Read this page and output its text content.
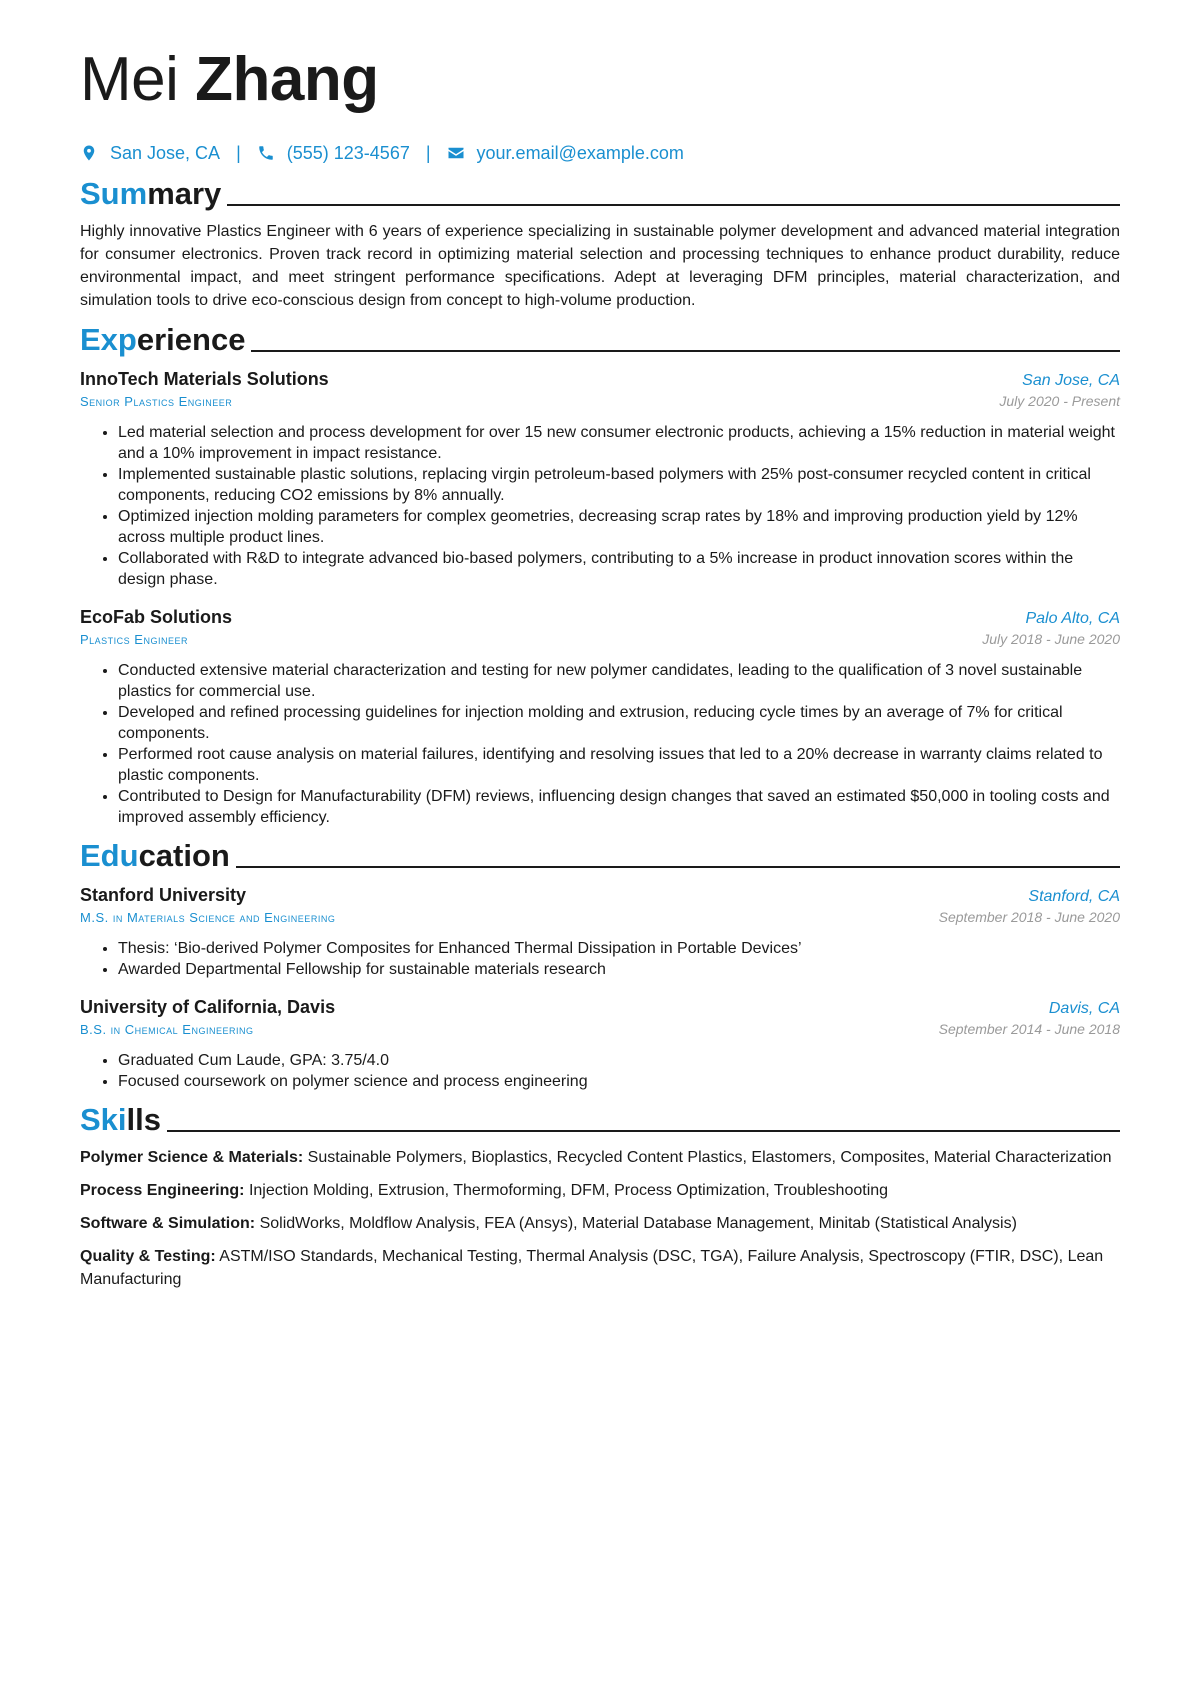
Mei Zhang
San Jose, CA |	(555) 123-4567 |	your.email@example.com
Summary
Highly innovative Plastics Engineer with 6 years of experience specializing in sustainable polymer development and advanced material integration for consumer electronics. Proven track record in optimizing material selection and processing techniques to enhance product durability, reduce environmental impact, and meet stringent performance specifications. Adept at leveraging DFM principles, material characterization, and simulation tools to drive eco-conscious design from concept to high-volume production.
Experience
InnoTech Materials Solutions	San Jose, CA
Senior Plastics Engineer	July 2020 - Present
• Led material selection and process development for over 15 new consumer electronic products, achieving a 15% reduction in material weight and a 10% improvement in impact resistance.
• Implemented sustainable plastic solutions, replacing virgin petroleum-based polymers with 25% post-consumer recycled content in critical components, reducing CO2 emissions by 8% annually.
• Optimized injection molding parameters for complex geometries, decreasing scrap rates by 18% and improving production yield by 12% across multiple product lines.
• Collaborated with R&D to integrate advanced bio-based polymers, contributing to a 5% increase in product innovation scores within the design phase.
EcoFab Solutions	Palo Alto, CA
Plastics Engineer	July 2018 - June 2020
• Conducted extensive material characterization and testing for new polymer candidates, leading to the qualification of 3 novel sustainable plastics for commercial use.
• Developed and refined processing guidelines for injection molding and extrusion, reducing cycle times by an average of 7% for critical components.
• Performed root cause analysis on material failures, identifying and resolving issues that led to a 20% decrease in warranty claims related to plastic components.
• Contributed to Design for Manufacturability (DFM) reviews, influencing design changes that saved an estimated $50,000 in tooling costs and improved assembly efficiency.
Education
Stanford University	Stanford, CA
M.S. in Materials Science and Engineering	September 2018 - June 2020
• Thesis: ‘Bio-derived Polymer Composites for Enhanced Thermal Dissipation in Portable Devices’
• Awarded Departmental Fellowship for sustainable materials research
University of California, Davis	Davis, CA
B.S. in Chemical Engineering	September 2014 - June 2018
• Graduated Cum Laude, GPA: 3.75/4.0
• Focused coursework on polymer science and process engineering
Skills
Polymer Science & Materials: Sustainable Polymers, Bioplastics, Recycled Content Plastics, Elastomers, Composites, Material Characterization
Process Engineering: Injection Molding, Extrusion, Thermoforming, DFM, Process Optimization, Troubleshooting
Software & Simulation: SolidWorks, Moldflow Analysis, FEA (Ansys), Material Database Management, Minitab (Statistical Analysis)
Quality & Testing: ASTM/ISO Standards, Mechanical Testing, Thermal Analysis (DSC, TGA), Failure Analysis, Spectroscopy (FTIR, DSC), Lean Manufacturing
